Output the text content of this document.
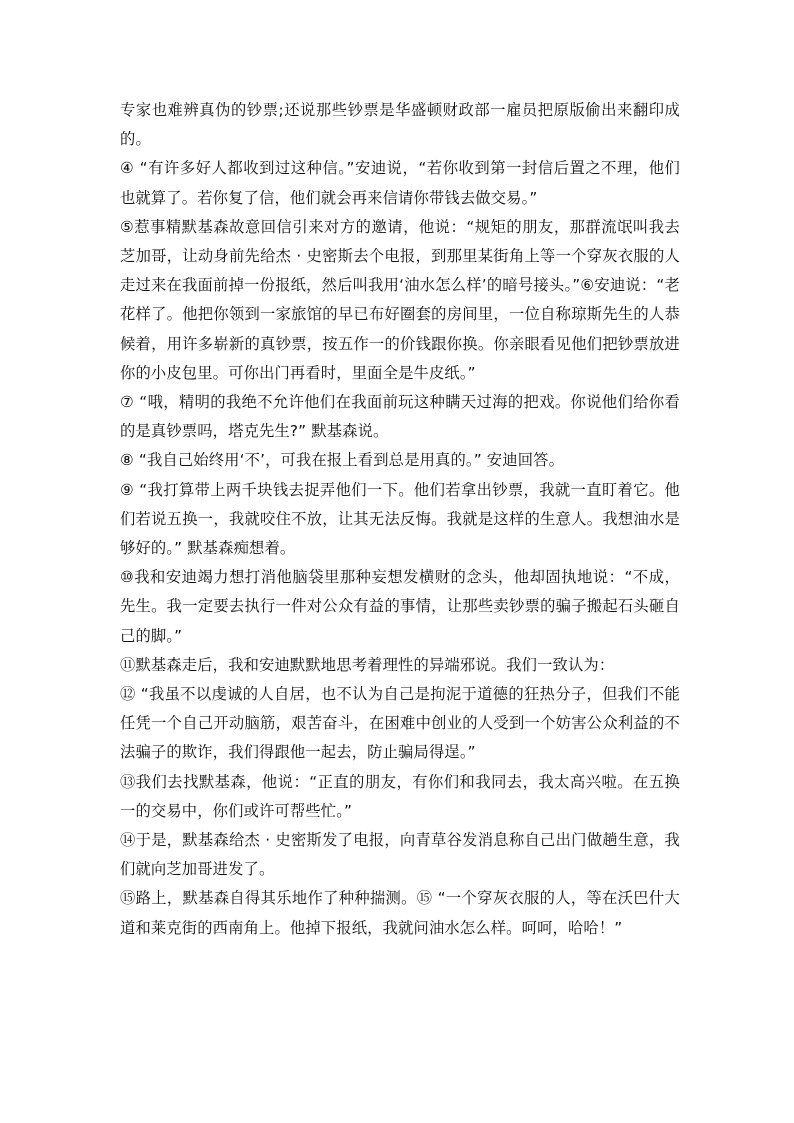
专家也难辨真伪的钞票;还说那些钞票是华盛顿财政部一雇员把原版偷出来翻印成的。

④ “有许多好人都收到过这种信。”安迪说，“若你收到第一封信后置之不理，他们也就算了。若你复了信，他们就会再来信请你带钱去做交易。”

⑤惹事精默基森故意回信引来对方的邀请，他说：“规矩的朋友，那群流氓叫我去芝加哥，让动身前先给杰 · 史密斯去个电报，到那里某街角上等一个穿灰衣服的人走过来在我面前掉一份报纸，然后叫我用‘油水怎么样’的暗号接头。”⑥安迪说：“老花样了。他把你领到一家旅馆的早已布好圈套的房间里，一位自称琼斯先生的人恭候着，用许多崭新的真钞票，按五作一的价钱跟你换。你亲眼看见他们把钞票放进你的小皮包里。可你出门再看时，里面全是牛皮纸。”

⑦ “哦，精明的我绝不允许他们在我面前玩这种瞒天过海的把戏。你说他们给你看的是真钞票吗，塔克先生?” 默基森说。

⑧ “我自己始终用‘不’，可我在报上看到总是用真的。” 安迪回答。

⑨ “我打算带上两千块钱去捉弄他们一下。他们若拿出钞票，我就一直盯着它。他们若说五换一，我就咬住不放，让其无法反悔。我就是这样的生意人。我想油水是够好的。” 默基森痴想着。

⑩我和安迪竭力想打消他脑袋里那种妄想发横财的念头，他却固执地说：“不成，先生。我一定要去执行一件对公众有益的事情，让那些卖钞票的骗子搬起石头砸自己的脚。”

⑪默基森走后，我和安迪默默地思考着理性的异端邪说。我们一致认为：

⑫ “我虽不以虔诚的人自居，也不认为自己是拘泥于道德的狂热分子，但我们不能任凭一个自己开动脑筋，艰苦奋斗，在困难中创业的人受到一个妨害公众利益的不法骗子的欺诈，我们得跟他一起去，防止骗局得逞。”

⑬我们去找默基森，他说：“正直的朋友，有你们和我同去，我太高兴啦。在五换一的交易中，你们或许可帮些忙。”

⑭于是，默基森给杰 · 史密斯发了电报，向青草谷发消息称自己出门做趟生意，我们就向芝加哥进发了。

⑮路上，默基森自得其乐地作了种种揣测。⑮ “一个穿灰衣服的人，等在沃巴什大道和莱克街的西南角上。他掉下报纸，我就问油水怎么样。呵呵，哈哈！”
